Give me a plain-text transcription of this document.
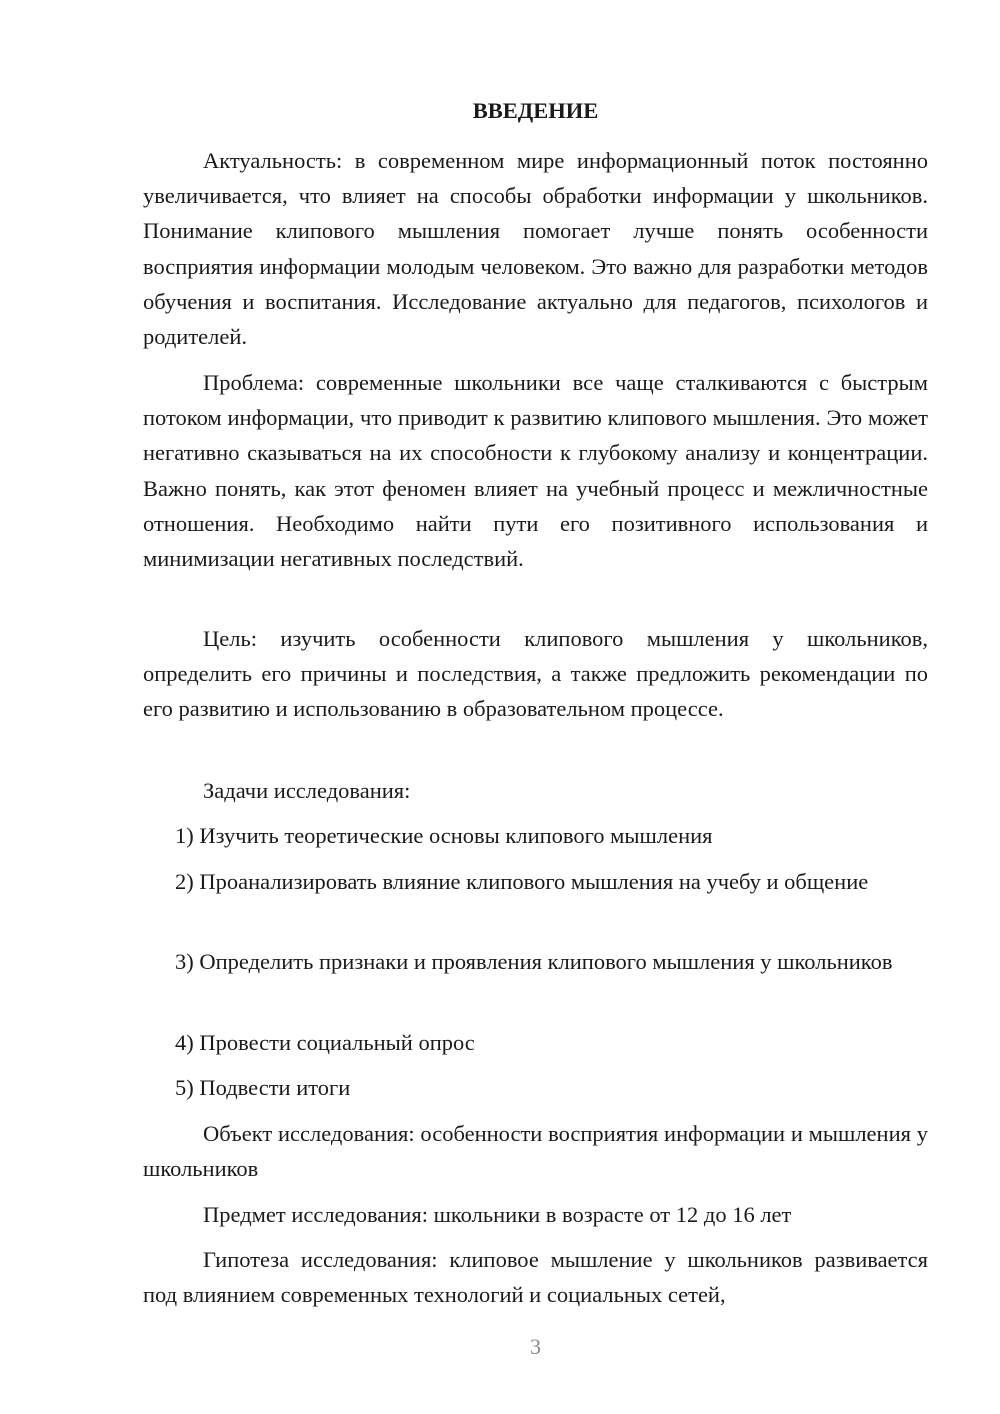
ВВЕДЕНИЕ

Актуальность: в современном мире информационный поток постоянно увеличивается, что влияет на способы обработки информации у школьников. Понимание клипового мышления помогает лучше понять особенности восприятия информации молодым человеком. Это важно для разработки методов обучения и воспитания. Исследование актуально для педагогов, психологов и родителей.

Проблема: современные школьники все чаще сталкиваются с быстрым потоком информации, что приводит к развитию клипового мышления. Это может негативно сказываться на их способности к глубокому анализу и концентрации. Важно понять, как этот феномен влияет на учебный процесс и межличностные отношения. Необходимо найти пути его позитивного использования и минимизации негативных последствий.

Цель: изучить особенности клипового мышления у школьников, определить его причины и последствия, а также предложить рекомендации по его развитию и использованию в образовательном процессе.

Задачи исследования:

1) Изучить теоретические основы клипового мышления

2) Проанализировать влияние клипового мышления на учебу и общение

3) Определить признаки и проявления клипового мышления у школьников

4) Провести социальный опрос

5) Подвести итоги

Объект исследования: особенности восприятия информации и мышления у школьников

Предмет исследования: школьники в возрасте от 12 до 16 лет

Гипотеза исследования: клиповое мышление у школьников развивается под влиянием современных технологий и социальных сетей,

3
